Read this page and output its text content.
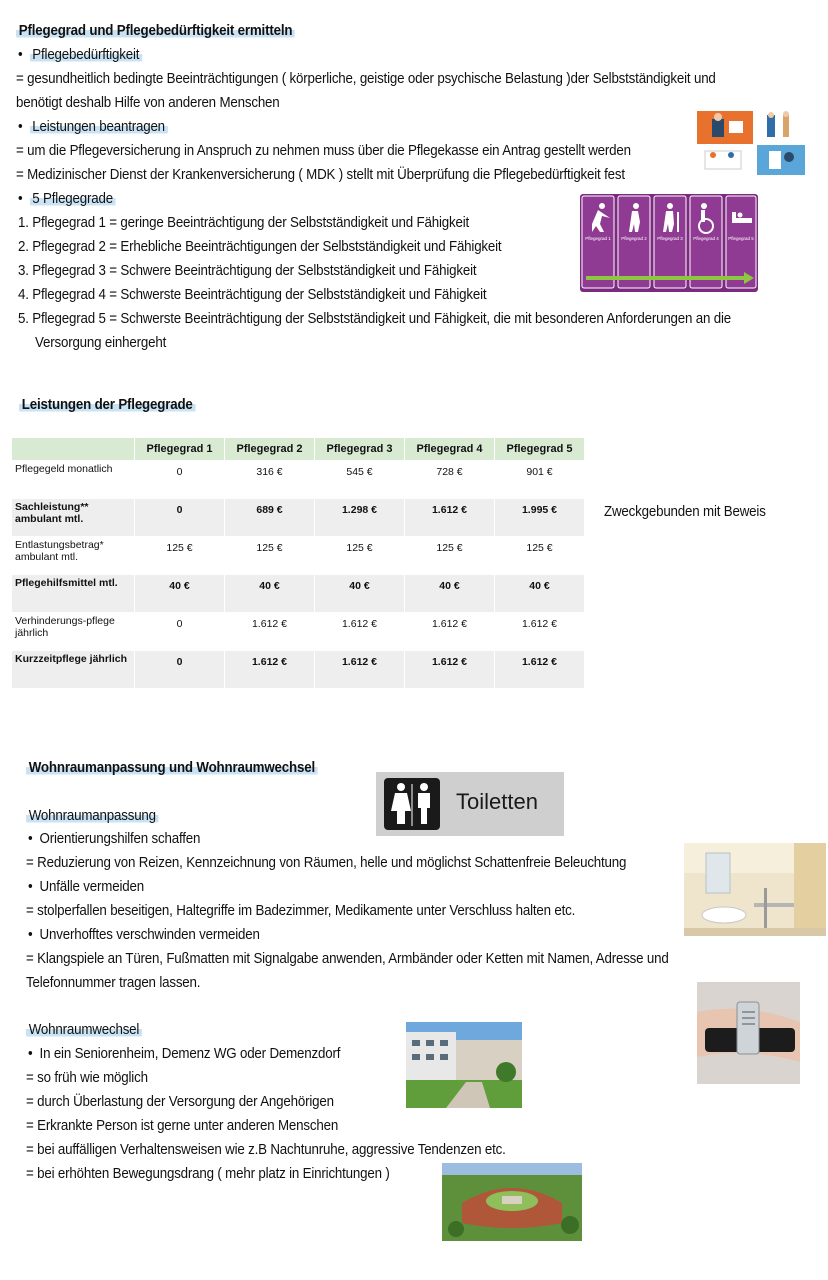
Pflegegrad und Pflegebedürftigkeit ermitteln
•  Pflegebedürftigkeit
= gesundheitlich bedingte Beeinträchtigungen ( körperliche, geistige oder psychische Belastung )der Selbstständigkeit und
benötigt deshalb Hilfe von anderen Menschen
•  Leistungen beantragen
= um die Pflegeversicherung in Anspruch zu nehmen muss über die Pflegekasse ein Antrag gestellt werden
= Medizinischer Dienst der Krankenversicherung ( MDK ) stellt mit Überprüfung die Pflegebedürftigkeit fest
•  5 Pflegegrade
1. Pflegegrad 1 = geringe Beeinträchtigung der Selbstständigkeit und Fähigkeit
2. Pflegegrad 2 = Erhebliche Beeinträchtigungen der Selbstständigkeit und Fähigkeit
3. Pflegegrad 3 = Schwere Beeinträchtigung der Selbstständigkeit und Fähigkeit
4. Pflegegrad 4 = Schwerste Beeinträchtigung der Selbstständigkeit und Fähigkeit
5. Pflegegrad 5 = Schwerste Beeinträchtigung der Selbstständigkeit und Fähigkeit, die mit besonderen Anforderungen an die
Versorgung einhergeht
Pflegegrad 1	Pflegegrad 2	Pflegegrad 3	Pflegegrad 4	Pflegegrad 5
Leistungen der Pflegegrade
	Pflegegrad 1	Pflegegrad 2	Pflegegrad 3	Pflegegrad 4	Pflegegrad 5
Pflegegeld monatlich	0	316 €	545 €	728 €	901 €
Sachleistung** ambulant mtl.	0	689 €	1.298 €	1.612 €	1.995 €
Entlastungsbetrag* ambulant mtl.	125 €	125 €	125 €	125 €	125 €
Pflegehilfsmittel mtl.	40 €	40 €	40 €	40 €	40 €
Verhinderungs-pflege jährlich	0	1.612 €	1.612 €	1.612 €	1.612 €
Kurzzeitpflege jährlich	0	1.612 €	1.612 €	1.612 €	1.612 €
Zweckgebunden mit Beweis
Wohnraumanpassung und Wohnraumwechsel
Toiletten
Wohnraumanpassung
•  Orientierungshilfen schaffen
= Reduzierung von Reizen, Kennzeichnung von Räumen, helle und möglichst Schattenfreie Beleuchtung
•  Unfälle vermeiden
= stolperfallen beseitigen, Haltegriffe im Badezimmer, Medikamente unter Verschluss halten etc.
•  Unverhofftes verschwinden vermeiden
= Klangspiele an Türen, Fußmatten mit Signalgabe anwenden, Armbänder oder Ketten mit Namen, Adresse und
Telefonnummer tragen lassen.
Wohnraumwechsel
•  In ein Seniorenheim, Demenz WG oder Demenzdorf
= so früh wie möglich
= durch Überlastung der Versorgung der Angehörigen
= Erkrankte Person ist gerne unter anderen Menschen
= bei auffälligen Verhaltensweisen wie z.B Nachtunruhe, aggressive Tendenzen etc.
= bei erhöhten Bewegungsdrang ( mehr platz in Einrichtungen )
